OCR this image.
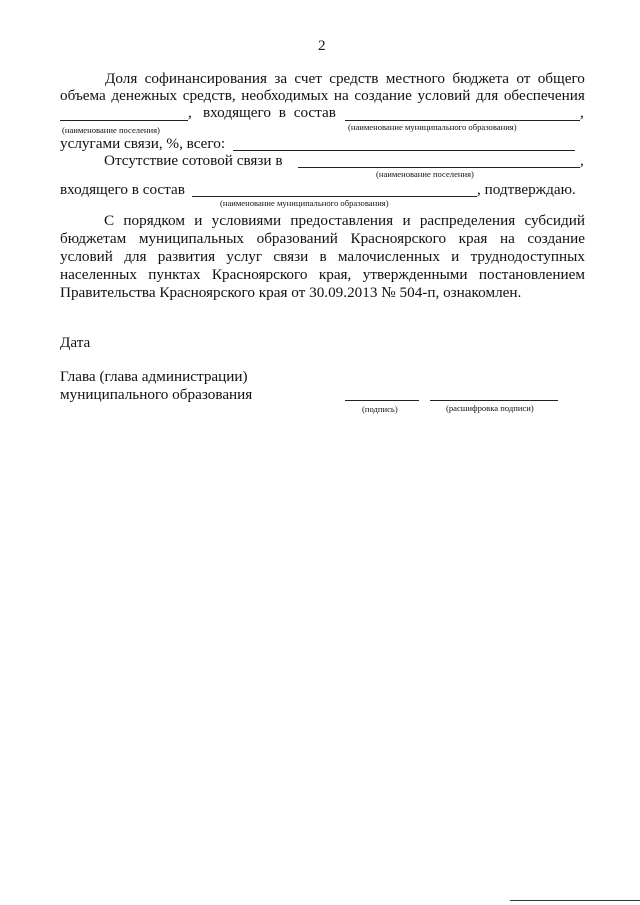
2
Доля софинансирования за счет средств местного бюджета от общего
объема денежных средств, необходимых на создание условий для обеспечения
, входящего в состав	,
(наименование поселения)	(наименование муниципального образования)
услугами связи, %, всего:
Отсутствие сотовой связи в	,
(наименование поселения)
входящего в состав	, подтверждаю.
(наименование муниципального образования)
С порядком и условиями предоставления и распределения субсидий
бюджетам муниципальных образований Красноярского края на создание
условий для развития услуг связи в малочисленных и труднодоступных
населенных пунктах Красноярского края, утвержденными постановлением
Правительства Красноярского края от 30.09.2013 № 504-п, ознакомлен.
Дата
Глава (глава администрации)
муниципального образования
(подпись)	(расшифровка подписи)
